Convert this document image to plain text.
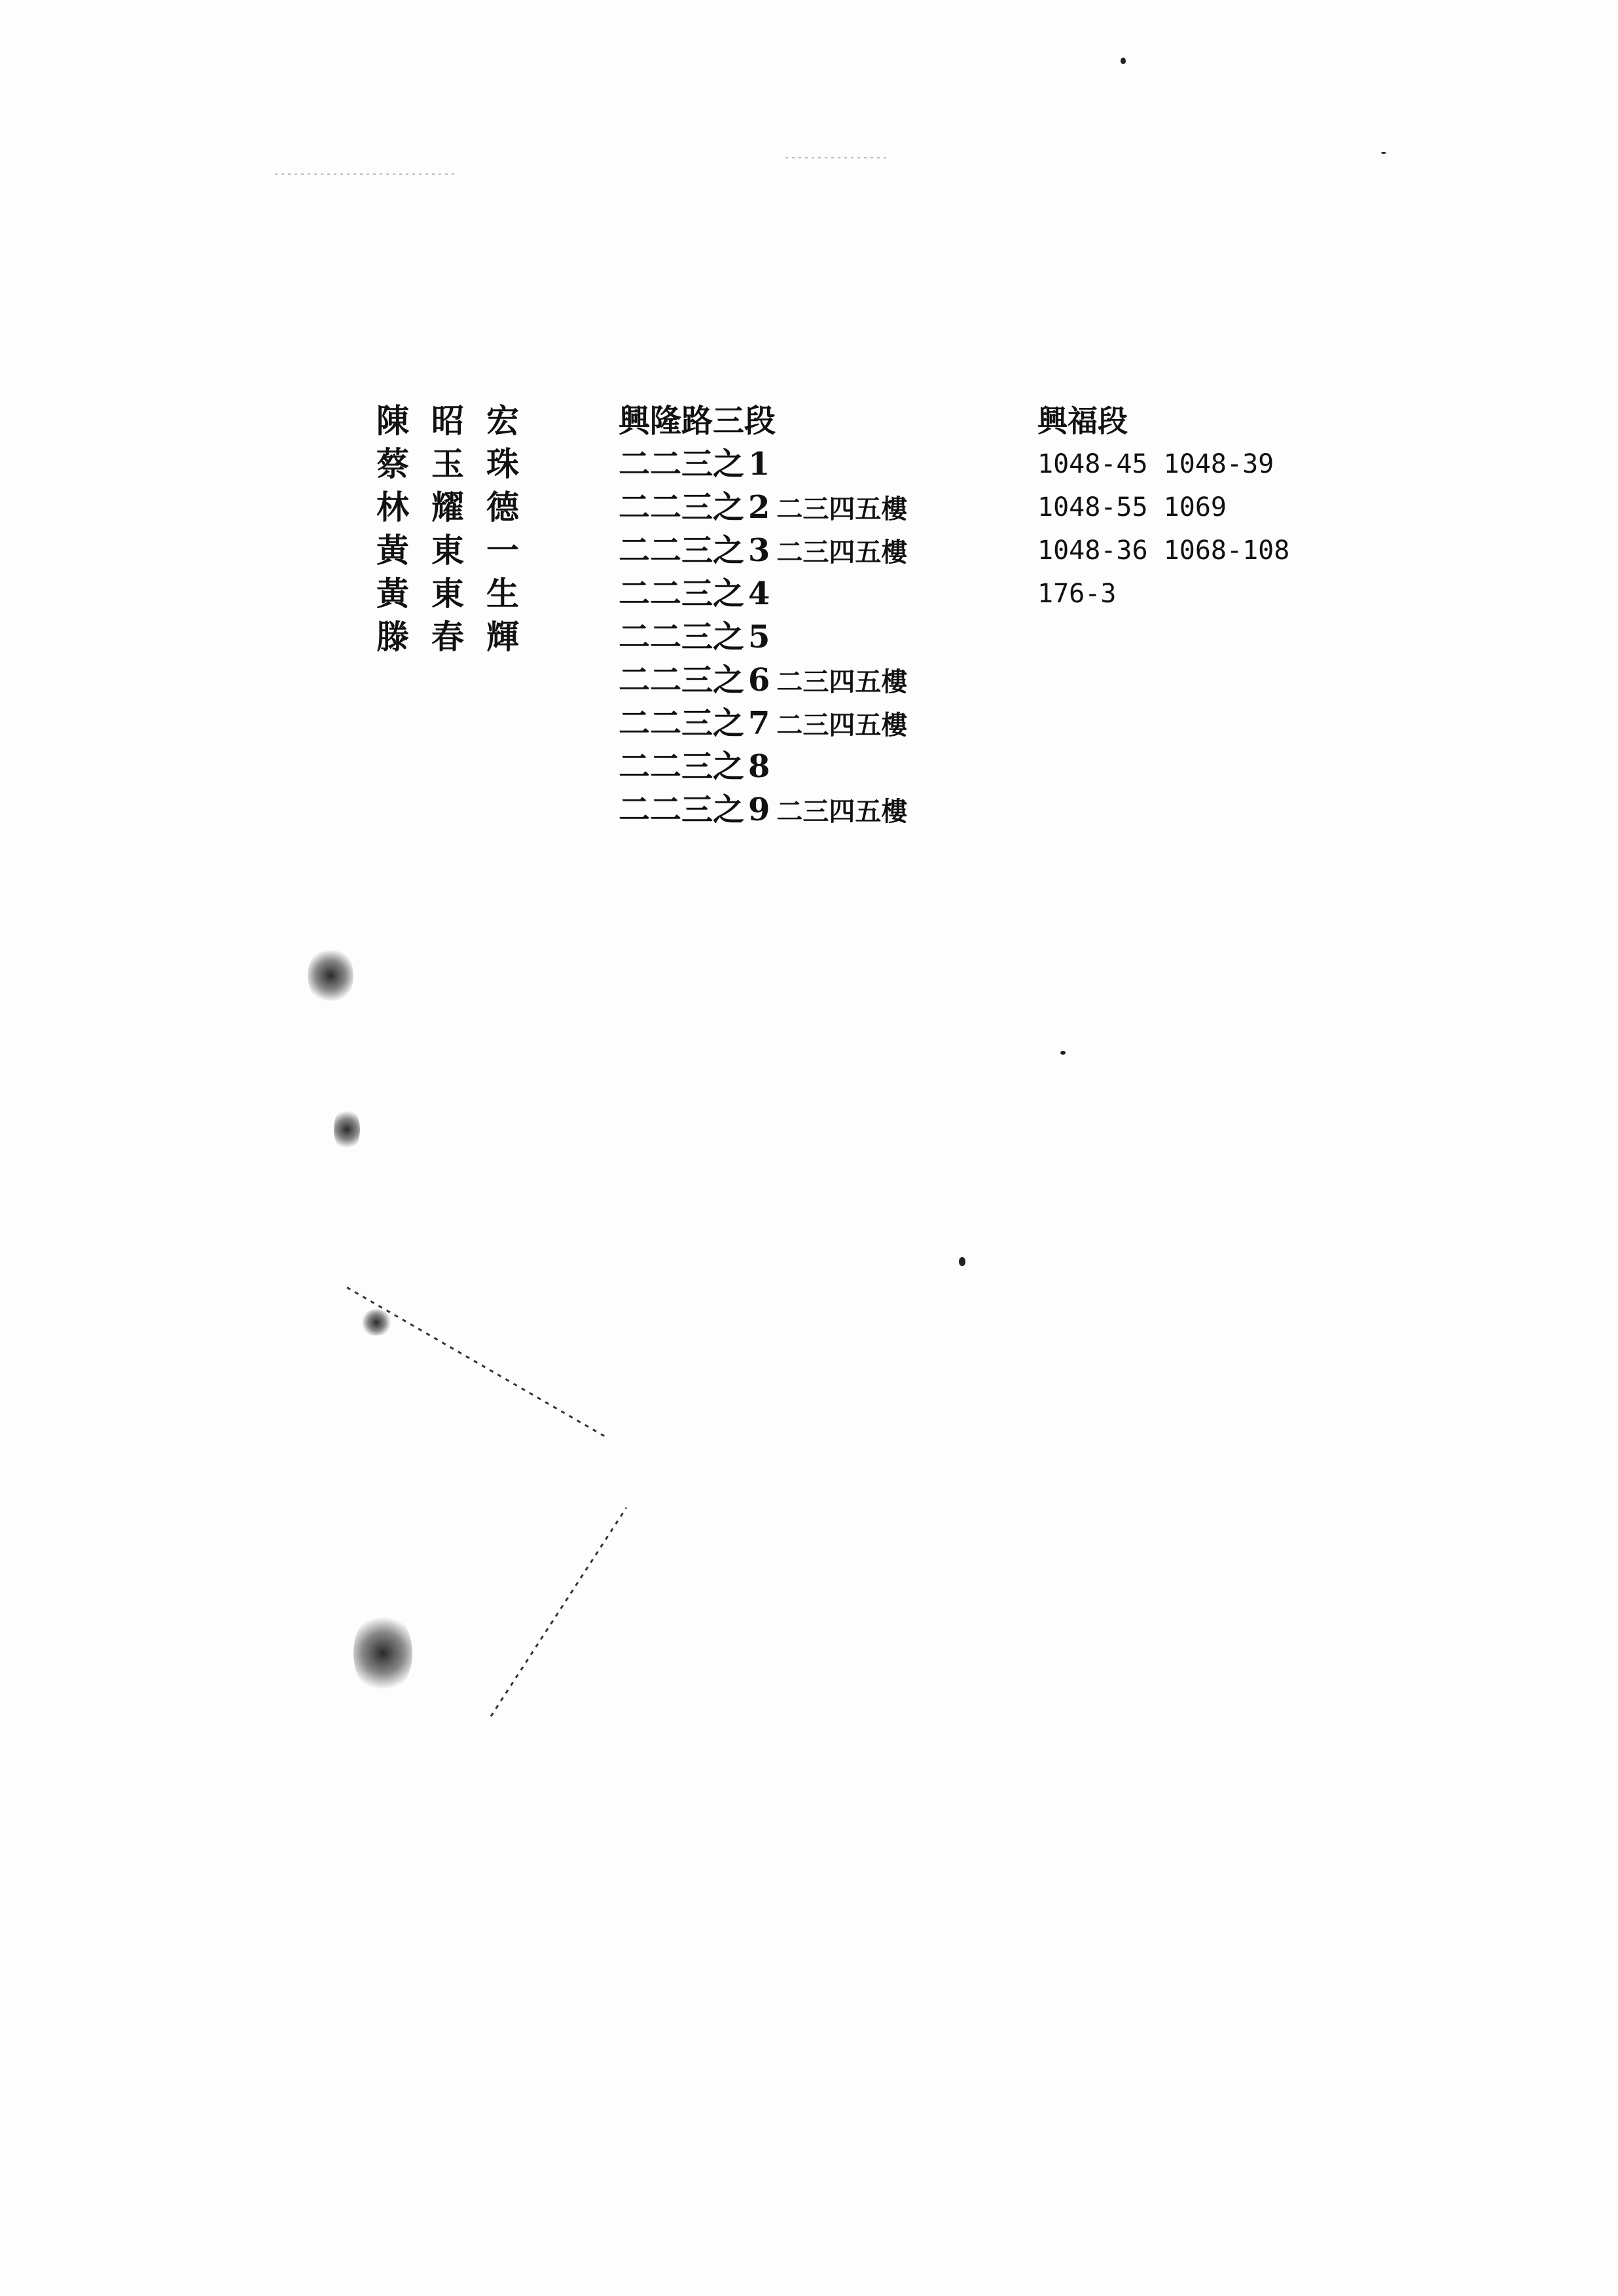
陳昭宏
蔡玉珠
林耀德
黃東一
黃東生
滕春輝
興隆路三段
二二三之 1
二二三之 2 二三四五樓
二二三之 3 二三四五樓
二二三之 4
二二三之 5
二二三之 6 二三四五樓
二二三之 7 二三四五樓
二二三之 8
二二三之 9 二三四五樓
興福段
1048-45 1048-39
1048-55 1069
1048-36 1068-108
176-3
